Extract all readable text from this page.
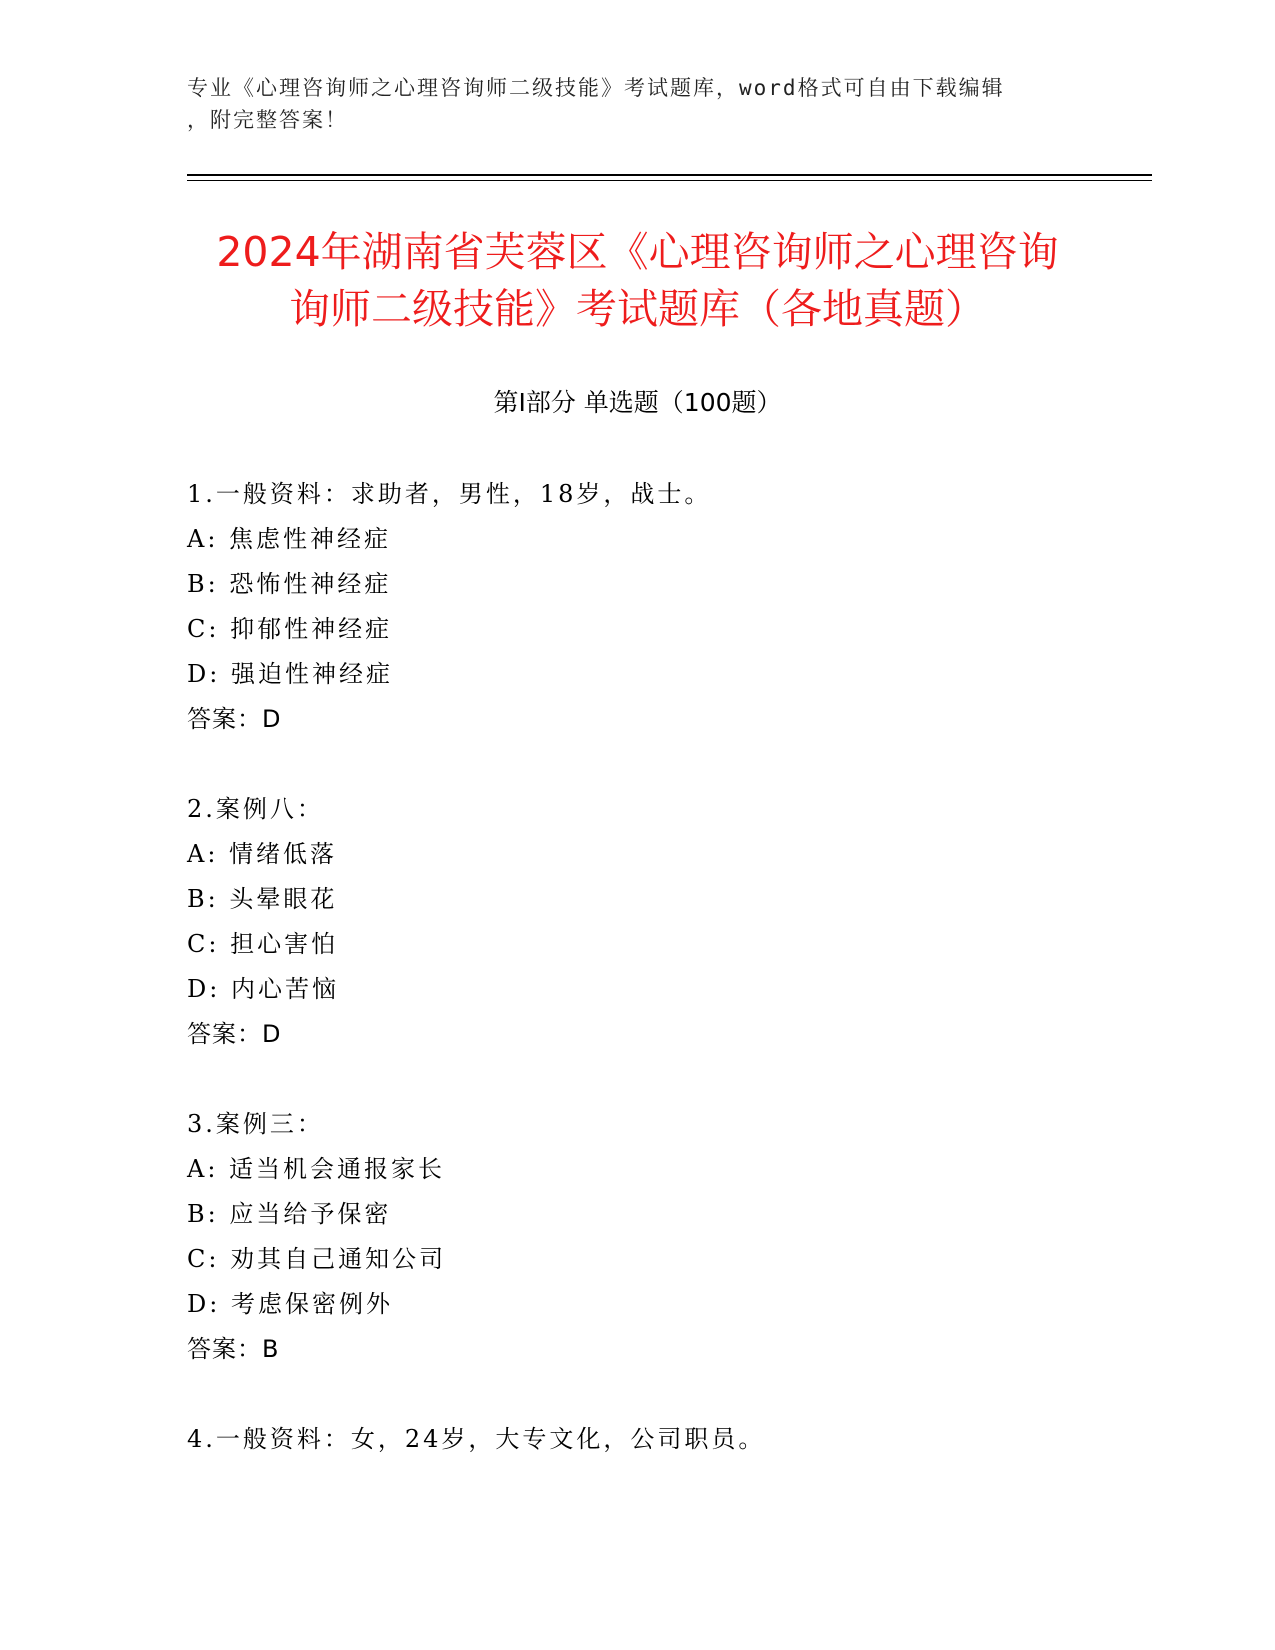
专业《心理咨询师之心理咨询师二级技能》考试题库，word格式可自由下载编辑
，附完整答案！
2024年湖南省芙蓉区《心理咨询师之心理咨询
询师二级技能》考试题库（各地真题）
第Ⅰ部分 单选题（100题）
1.一般资料：求助者，男性，18岁，战士。
A: 焦虑性神经症
B: 恐怖性神经症
C: 抑郁性神经症
D: 强迫性神经症
答案：D
2.案例八：
A: 情绪低落
B: 头晕眼花
C: 担心害怕
D: 内心苦恼
答案：D
3.案例三：
A: 适当机会通报家长
B: 应当给予保密
C: 劝其自己通知公司
D: 考虑保密例外
答案：B
4.一般资料：女，24岁，大专文化，公司职员。
